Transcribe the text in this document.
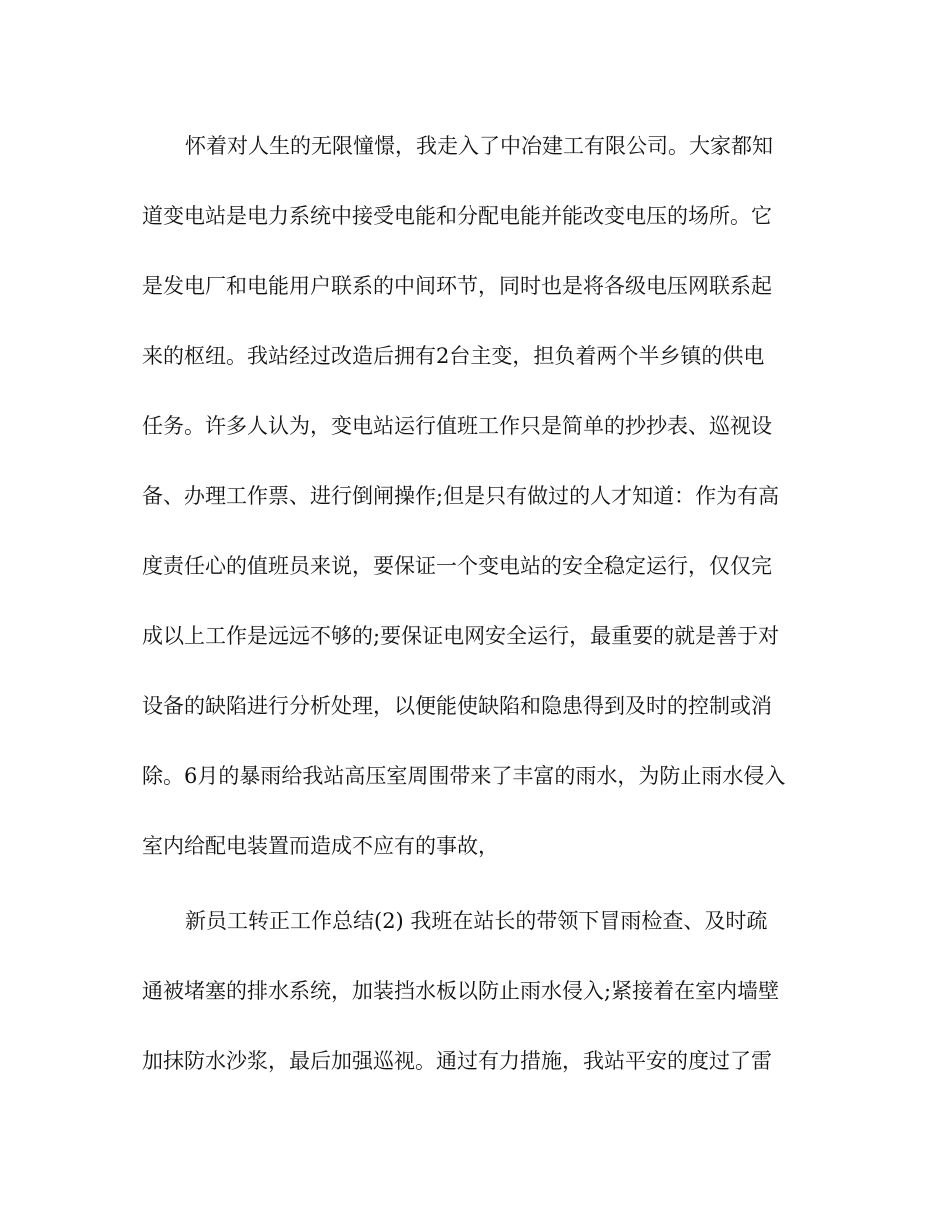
怀着对人生的无限憧憬，我走入了中冶建工有限公司。大家都知

道变电站是电力系统中接受电能和分配电能并能改变电压的场所。它

是发电厂和电能用户联系的中间环节，同时也是将各级电压网联系起

来的枢纽。我站经过改造后拥有2台主变，担负着两个半乡镇的供电

任务。许多人认为，变电站运行值班工作只是简单的抄抄表、巡视设

备、办理工作票、进行倒闸操作;但是只有做过的人才知道：作为有高

度责任心的值班员来说，要保证一个变电站的安全稳定运行，仅仅完

成以上工作是远远不够的;要保证电网安全运行，最重要的就是善于对

设备的缺陷进行分析处理，以便能使缺陷和隐患得到及时的控制或消

除。6月的暴雨给我站高压室周围带来了丰富的雨水，为防止雨水侵入

室内给配电装置而造成不应有的事故，

新员工转正工作总结(2) 我班在站长的带领下冒雨检查、及时疏

通被堵塞的排水系统，加装挡水板以防止雨水侵入;紧接着在室内墙壁

加抹防水沙浆，最后加强巡视。通过有力措施，我站平安的度过了雷
